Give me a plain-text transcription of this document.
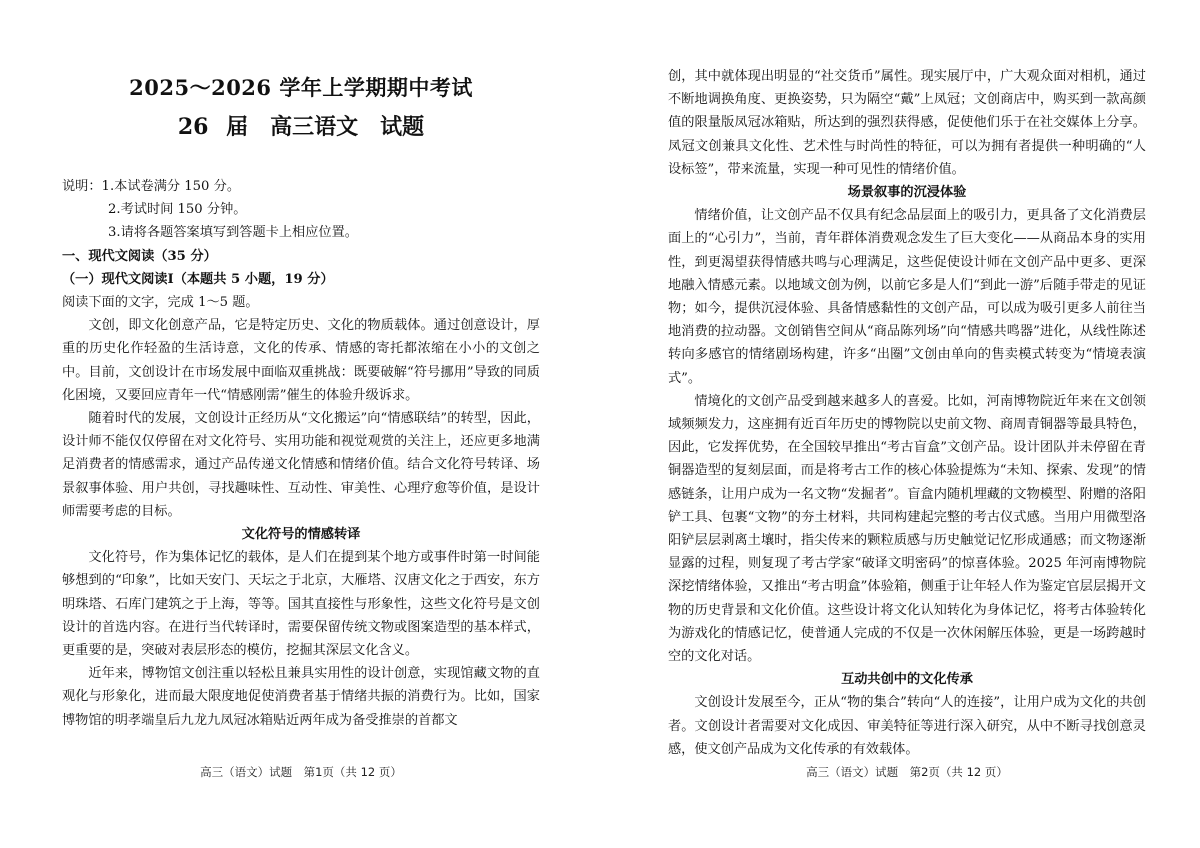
2025～2026 学年上学期期中考试
26 届　高三语文　试题
说明：1.本试卷满分 150 分。
2.考试时间 150 分钟。
3.请将各题答案填写到答题卡上相应位置。
一、现代文阅读（35 分）
（一）现代文阅读Ⅰ（本题共 5 小题，19 分）
阅读下面的文字，完成 1～5 题。
文创，即文化创意产品，它是特定历史、文化的物质载体。通过创意设计，厚重的历史化作轻盈的生活诗意，文化的传承、情感的寄托都浓缩在小小的文创之中。目前，文创设计在市场发展中面临双重挑战：既要破解“符号挪用”导致的同质化困境，又要回应青年一代“情感刚需”催生的体验升级诉求。
随着时代的发展，文创设计正经历从“文化搬运”向“情感联结”的转型，因此，设计师不能仅仅停留在对文化符号、实用功能和视觉观赏的关注上，还应更多地满足消费者的情感需求，通过产品传递文化情感和情绪价值。结合文化符号转译、场景叙事体验、用户共创，寻找趣味性、互动性、审美性、心理疗愈等价值，是设计师需要考虑的目标。
文化符号的情感转译
文化符号，作为集体记忆的载体，是人们在提到某个地方或事件时第一时间能够想到的“印象”，比如天安门、天坛之于北京，大雁塔、汉唐文化之于西安，东方明珠塔、石库门建筑之于上海，等等。国其直接性与形象性，这些文化符号是文创设计的首选内容。在进行当代转译时，需要保留传统文物或图案造型的基本样式，更重要的是，突破对表层形态的模仿，挖掘其深层文化含义。
近年来，博物馆文创注重以轻松且兼具实用性的设计创意，实现馆藏文物的直观化与形象化，进而最大限度地促使消费者基于情绪共振的消费行为。比如，国家博物馆的明孝端皇后九龙九凤冠冰箱贴近两年成为备受推崇的首都文
高三（语文）试题　第1页（共 12 页）
创，其中就体现出明显的“社交货币”属性。现实展厅中，广大观众面对相机，通过不断地调换角度、更换姿势，只为隔空“戴”上凤冠；文创商店中，购买到一款高颜值的限量版凤冠冰箱贴，所达到的强烈获得感，促使他们乐于在社交媒体上分享。凤冠文创兼具文化性、艺术性与时尚性的特征，可以为拥有者提供一种明确的“人设标签”，带来流量，实现一种可见性的情绪价值。
场景叙事的沉浸体验
情绪价值，让文创产品不仅具有纪念品层面上的吸引力，更具备了文化消费层面上的“心引力”，当前，青年群体消费观念发生了巨大变化——从商品本身的实用性，到更渴望获得情感共鸣与心理满足，这些促使设计师在文创产品中更多、更深地融入情感元素。以地域文创为例，以前它多是人们“到此一游”后随手带走的见证物；如今，提供沉浸体验、具备情感黏性的文创产品，可以成为吸引更多人前往当地消费的拉动器。文创销售空间从“商品陈列场”向“情感共鸣器”进化，从线性陈述转向多感官的情绪剧场构建，许多“出圈”文创由单向的售卖模式转变为“情境表演式”。
情境化的文创产品受到越来越多人的喜爱。比如，河南博物院近年来在文创领域频频发力，这座拥有近百年历史的博物院以史前文物、商周青铜器等最具特色，因此，它发挥优势，在全国较早推出“考古盲盒”文创产品。设计团队并未停留在青铜器造型的复刻层面，而是将考古工作的核心体验提炼为“未知、探索、发现”的情感链条，让用户成为一名文物“发掘者”。盲盒内随机埋藏的文物模型、附赠的洛阳铲工具、包裹“文物”的夯土材料，共同构建起完整的考古仪式感。当用户用微型洛阳铲层层剥离土壤时，指尖传来的颗粒质感与历史触觉记忆形成通感；而文物逐渐显露的过程，则复现了考古学家“破译文明密码”的惊喜体验。2025 年河南博物院深挖情绪体验，又推出“考古明盒”体验箱，侧重于让年轻人作为鉴定官层层揭开文物的历史背景和文化价值。这些设计将文化认知转化为身体记忆，将考古体验转化为游戏化的情感记忆，使普通人完成的不仅是一次休闲解压体验，更是一场跨越时空的文化对话。
互动共创中的文化传承
文创设计发展至今，正从“物的集合”转向“人的连接”，让用户成为文化的共创者。文创设计者需要对文化成因、审美特征等进行深入研究，从中不断寻找创意灵感，使文创产品成为文化传承的有效载体。
高三（语文）试题　第2页（共 12 页）
